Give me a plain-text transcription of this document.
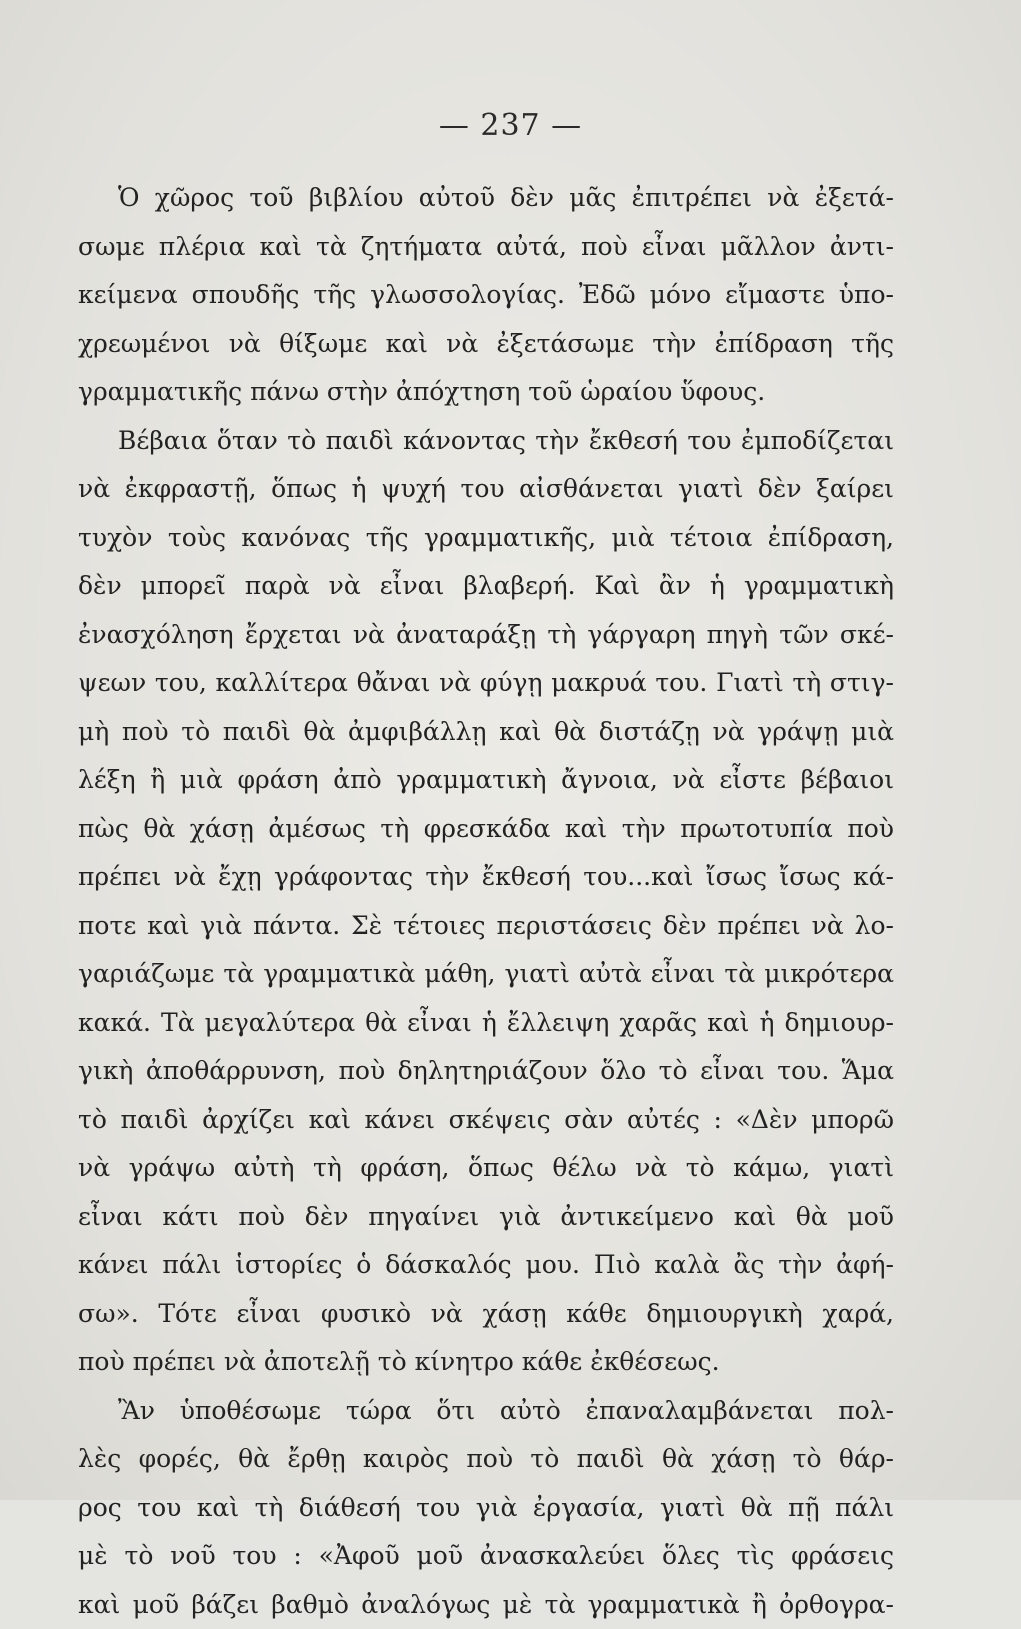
— 237 —
Ὁ χῶρος τοῦ βιβλίου αὐτοῦ δὲν μᾶς ἐπιτρέπει νὰ ἐξετά-
σωμε πλέρια καὶ τὰ ζητήματα αὐτά, ποὺ εἶναι μᾶλλον ἀντι-
κείμενα σπουδῆς τῆς γλωσσολογίας. Ἐδῶ μόνο εἴμαστε ὑπο-
χρεωμένοι νὰ θίξωμε καὶ νὰ ἐξετάσωμε τὴν ἐπίδραση τῆς
γραμματικῆς πάνω στὴν ἀπόχτηση τοῦ ὡραίου ὕφους.
Βέβαια ὅταν τὸ παιδὶ κάνοντας τὴν ἔκθεσή του ἐμποδίζεται
νὰ ἐκφραστῇ, ὅπως ἡ ψυχή του αἰσθάνεται γιατὶ δὲν ξαίρει
τυχὸν τοὺς κανόνας τῆς γραμματικῆς, μιὰ τέτοια ἐπίδραση,
δὲν μπορεῖ παρὰ νὰ εἶναι βλαβερή. Καὶ ἂν ἡ γραμματικὴ
ἐνασχόληση ἔρχεται νὰ ἀναταράξῃ τὴ γάργαρη πηγὴ τῶν σκέ-
ψεων του, καλλίτερα θἄναι νὰ φύγῃ μακρυά του. Γιατὶ τὴ στιγ-
μὴ ποὺ τὸ παιδὶ θὰ ἀμφιβάλλῃ καὶ θὰ διστάζῃ νὰ γράψῃ μιὰ
λέξη ἢ μιὰ φράση ἀπὸ γραμματικὴ ἄγνοια, νὰ εἶστε βέβαιοι
πὼς θὰ χάσῃ ἀμέσως τὴ φρεσκάδα καὶ τὴν πρωτοτυπία ποὺ
πρέπει νὰ ἔχῃ γράφοντας τὴν ἔκθεσή του...καὶ ἴσως ἴσως κά-
ποτε καὶ γιὰ πάντα. Σὲ τέτοιες περιστάσεις δὲν πρέπει νὰ λο-
γαριάζωμε τὰ γραμματικὰ μάθη, γιατὶ αὐτὰ εἶναι τὰ μικρότερα
κακά. Τὰ μεγαλύτερα θὰ εἶναι ἡ ἔλλειψη χαρᾶς καὶ ἡ δημιουρ-
γικὴ ἀποθάρρυνση, ποὺ δηλητηριάζουν ὅλο τὸ εἶναι του. Ἅμα
τὸ παιδὶ ἀρχίζει καὶ κάνει σκέψεις σὰν αὐτές : «Δὲν μπορῶ
νὰ γράψω αὐτὴ τὴ φράση, ὅπως θέλω νὰ τὸ κάμω, γιατὶ
εἶναι κάτι ποὺ δὲν πηγαίνει γιὰ ἀντικείμενο καὶ θὰ μοῦ
κάνει πάλι ἱστορίες ὁ δάσκαλός μου. Πιὸ καλὰ ἂς τὴν ἀφή-
σω». Τότε εἶναι φυσικὸ νὰ χάσῃ κάθε δημιουργικὴ χαρά,
ποὺ πρέπει νὰ ἀποτελῇ τὸ κίνητρο κάθε ἐκθέσεως.
Ἂν ὑποθέσωμε τώρα ὅτι αὐτὸ ἐπαναλαμβάνεται πολ-
λὲς φορές, θὰ ἔρθῃ καιρὸς ποὺ τὸ παιδὶ θὰ χάσῃ τὸ θάρ-
ρος του καὶ τὴ διάθεσή του γιὰ ἐργασία, γιατὶ θὰ πῇ πάλι
μὲ τὸ νοῦ του : «Ἀφοῦ μοῦ ἀνασκαλεύει ὅλες τὶς φράσεις
καὶ μοῦ βάζει βαθμὸ ἀναλόγως μὲ τὰ γραμματικὰ ἢ ὀρθογρα-
